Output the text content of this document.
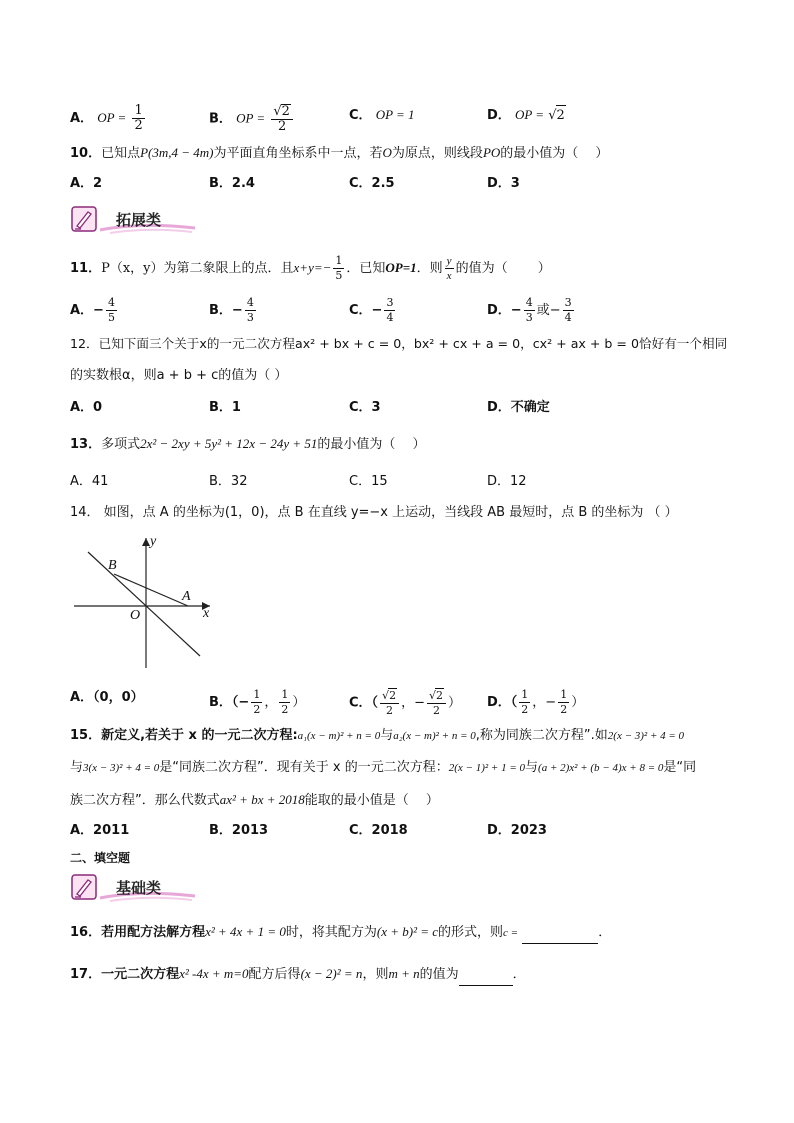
A． OP = $\frac{1}{2}$	B． OP = $\frac{√2}{2}$	C． OP = 1	D． OP = √2
10．已知点P(3m,4 − 4m)为平面直角坐标系中一点，若O为原点，则线段PO的最小值为（　 ）
A．2	B．2.4	C．2.5	D．3
拓展类
11．P（x，y）为第二象限上的点．且$x+y=- \frac{1}{5}$ ．已知OP=1．则 $\frac{y}{x}$ 的值为（　 　）
A．− $\frac{4}{5}$	B．− $\frac{4}{3}$	C．− $\frac{3}{4}$	D．− $\frac{4}{3}$ 或− $\frac{3}{4}$
12．已知下面三个关于x的一元二次方程ax² + bx + c = 0，bx² + cx + a = 0，cx² + ax + b = 0恰好有一个相同
的实数根α，则a + b + c的值为（ ）
A．0	B．1	C．3	D．不确定
13．多项式2x² − 2xy + 5y² + 12x − 24y + 51的最小值为（　 ）
A．41	B．32	C．15	D．12
14． 如图，点 A 的坐标为(1，0)，点 B 在直线 y=−x 上运动，当线段 AB 最短时，点 B 的坐标为 （ ）
y
x
O
A
B
A．（0，0）	B．（− $\frac{1}{2}$ ， $\frac{1}{2}$ ）	C．（ $\frac{√2}{2}$ ，− $\frac{√2}{2}$ ） D．（ $\frac{1}{2}$ ，− $\frac{1}{2}$ ）
15．新定义,若关于 x 的一元二次方程:a₁(x − m)² + n = 0与a₂(x − m)² + n = 0,称为同族二次方程”.如2(x − 3)² + 4 = 0
与3(x − 3)² + 4 = 0是“同族二次方程”．现有关于 x 的一元二次方程：2(x − 1)² + 1 = 0与(a + 2)x² + (b − 4)x + 8 = 0是“同
族二次方程”．那么代数式ax² + bx + 2018能取的最小值是（　 ）
A．2011	B．2013	C．2018	D．2023
二、填空题
基础类
16．若用配方法解方程x² + 4x + 1 = 0时，将其配方为(x + b)² = c的形式，则c =	．
17．一元二次方程x² -4x + m=0配方后得(x − 2)² = n，则m + n的值为	．
